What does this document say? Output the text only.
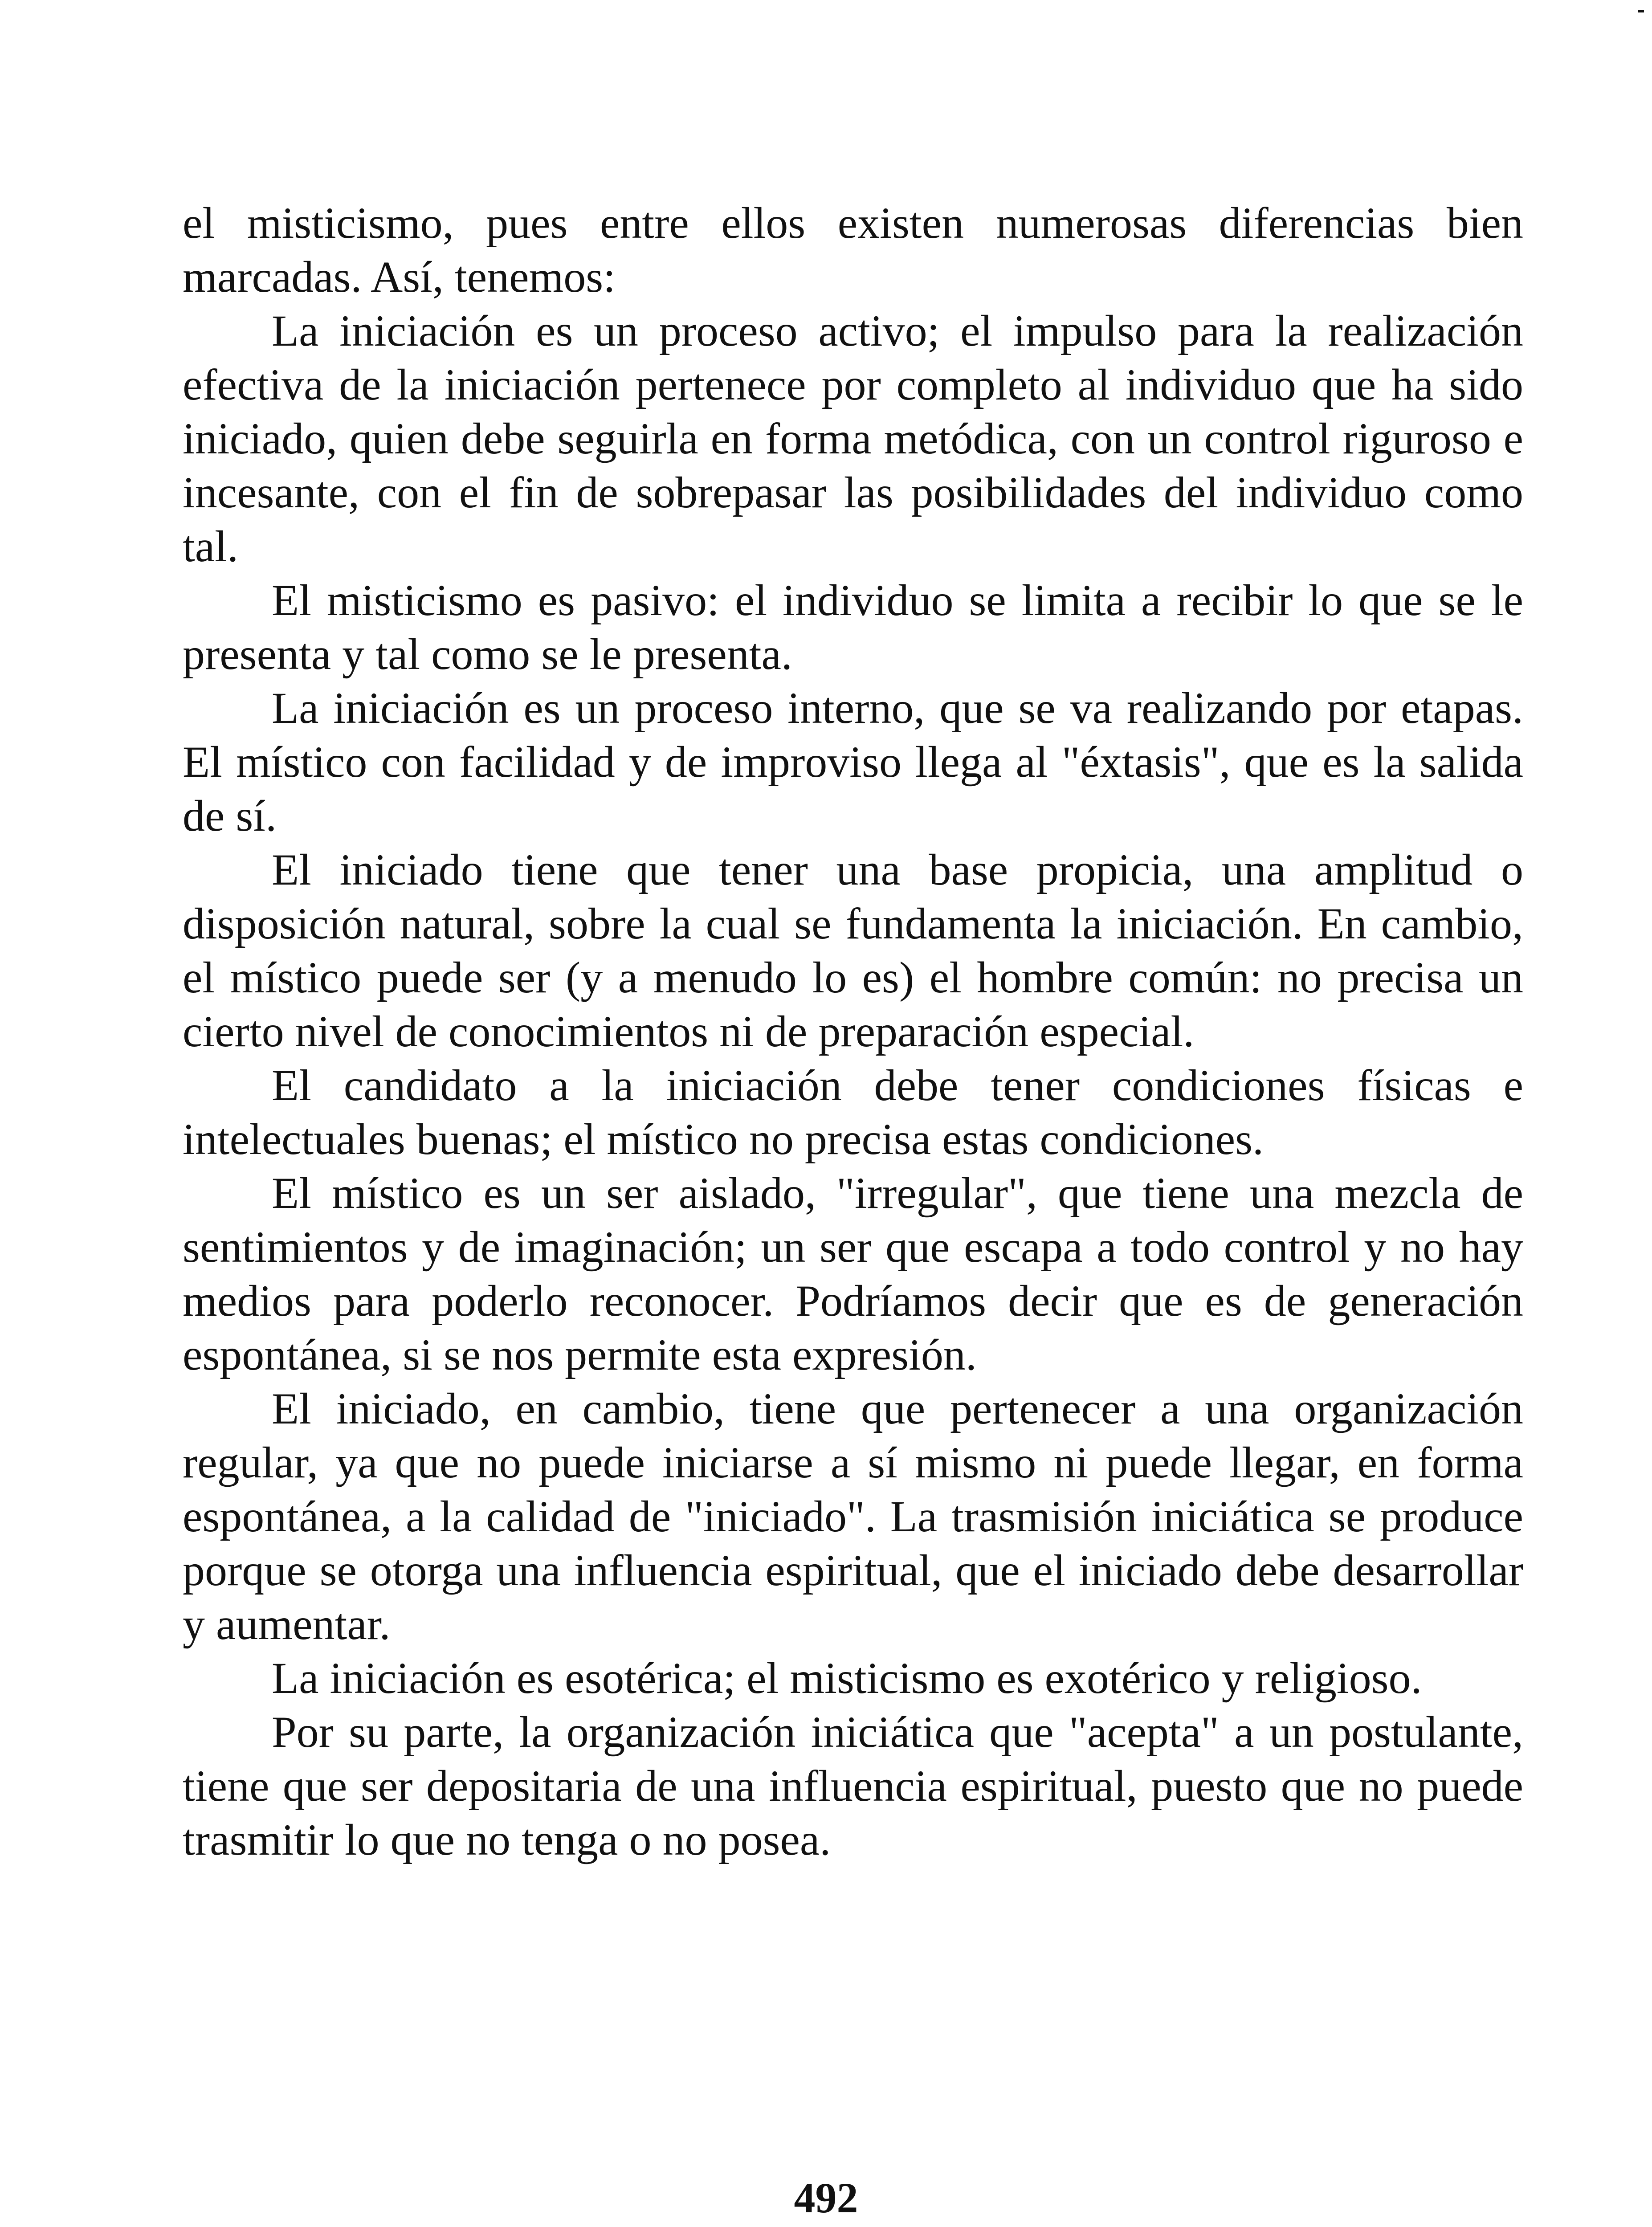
el misticismo, pues entre ellos existen numerosas diferencias bien marcadas. Así, tenemos:

La iniciación es un proceso activo; el impulso para la realización efectiva de la iniciación pertenece por completo al individuo que ha sido iniciado, quien debe seguirla en forma metódica, con un control riguroso e incesante, con el fin de sobrepasar las posibilidades del individuo como tal.

El misticismo es pasivo: el individuo se limita a recibir lo que se le presenta y tal como se le presenta.

La iniciación es un proceso interno, que se va realizando por etapas. El místico con facilidad y de improviso llega al "éxtasis", que es la salida de sí.

El iniciado tiene que tener una base propicia, una amplitud o disposición natural, sobre la cual se fundamenta la iniciación. En cambio, el místico puede ser (y a menudo lo es) el hombre común: no precisa un cierto nivel de conocimientos ni de preparación especial.

El candidato a la iniciación debe tener condiciones físicas e intelectuales buenas; el místico no precisa estas condiciones.

El místico es un ser aislado, "irregular", que tiene una mezcla de sentimientos y de imaginación; un ser que escapa a todo control y no hay medios para poderlo reconocer. Podríamos decir que es de generación espontánea, si se nos permite esta expresión.

El iniciado, en cambio, tiene que pertenecer a una organización regular, ya que no puede iniciarse a sí mismo ni puede llegar, en forma espontánea, a la calidad de "iniciado". La trasmisión iniciática se produce porque se otorga una influencia espiritual, que el iniciado debe desarrollar y aumentar.

La iniciación es esotérica; el misticismo es exotérico y religioso.

Por su parte, la organización iniciática que "acepta" a un postulante, tiene que ser depositaria de una influencia espiritual, puesto que no puede trasmitir lo que no tenga o no posea.

492
